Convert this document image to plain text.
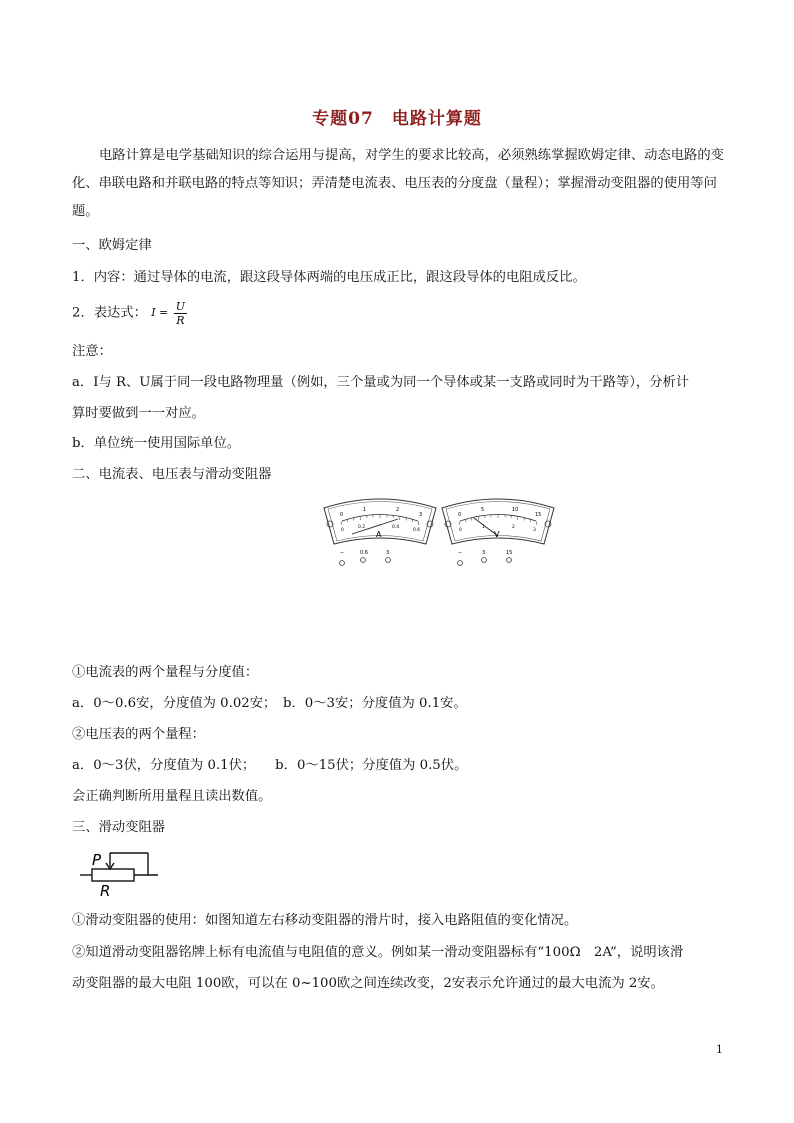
专题07　电路计算题
电路计算是电学基础知识的综合运用与提高，对学生的要求比较高，必须熟练掌握欧姆定律、动态电路的变化、串联电路和并联电路的特点等知识；弄清楚电流表、电压表的分度盘（量程）；掌握滑动变阻器的使用等问题。
一、欧姆定律
1．内容：通过导体的电流，跟这段导体两端的电压成正比，跟这段导体的电阻成反比。
2．表达式： $I = \frac{U}{R}$
注意：
a．I与 R、U属于同一段电路物理量（例如，三个量或为同一个导体或某一支路或同时为干路等），分析计
算时要做到一一对应。
b．单位统一使用国际单位。
二、电流表、电压表与滑动变阻器
0
1	2
3
0
0.2	0.4
0.6
A
−	0.6	3
0
5	10
15
0
1	2
3
V
−	3	15
①电流表的两个量程与分度值：
a．0～0.6安，分度值为 0.02安；　b．0～3安；分度值为 0.1安。
②电压表的两个量程：
a．0～3伏，分度值为 0.1伏；　　b．0～15伏；分度值为 0.5伏。
会正确判断所用量程且读出数值。
三、滑动变阻器
P
R
①滑动变阻器的使用：如图知道左右移动变阻器的滑片时，接入电路阻值的变化情况。
②知道滑动变阻器铭牌上标有电流值与电阻值的意义。例如某一滑动变阻器标有“100Ω　2A”，说明该滑
动变阻器的最大电阻 100欧，可以在 0~100欧之间连续改变，2安表示允许通过的最大电流为 2安。
1
